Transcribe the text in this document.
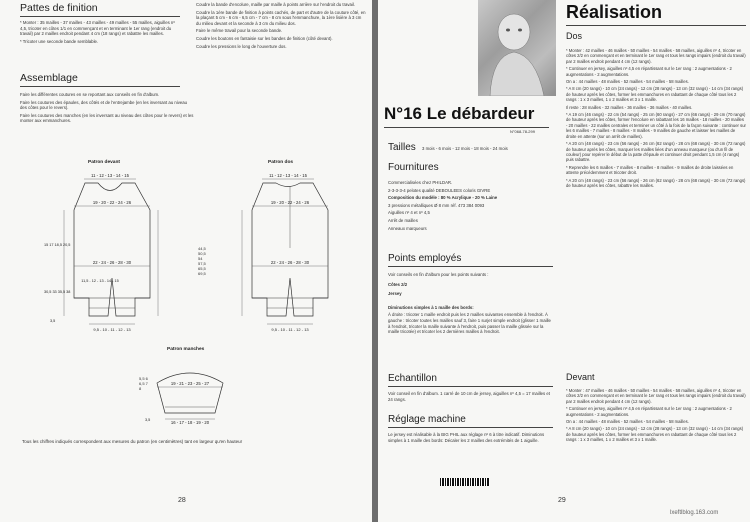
Pattes de finition

* Monter : 35 mailles - 37 mailles - 43 mailles - 49 mailles - 55 mailles, aiguilles nº 4,5, tricoter en côtes 1/1 en commençant et en terminant le 1er rang (endroit du travail) par 2 mailles endroit pendant 4 cm (18 rangs) et rabattre les mailles.

* Tricoter une seconde bande semblable.

Coudre la bande d'encolure, maille par maille à points arrière sur l'endroit du travail.

Coudre la 1ère bande de finition à points cachés, de part et d'autre de la couture côté, en la plaçant 5 cm - 6 cm - 6,5 cm - 7 cm - 8 cm sous l'emmanchure, la 1ère lisière à 3 cm du milieu devant et la seconde à 3 cm du milieu dos.

Faire le même travail pour la seconde bande.

Coudre les boutons en fantaisie sur les bandes de finition (côté devant).

Coudre les pressions le long de l'ouverture dos.

Assemblage

Faire les différentes coutures en se reportant aux conseils en fin d'album.

Faire les coutures des épaules, des côtés et de l'entrejambe (en les inversant au niveau des côtes pour le revers).

Faire les coutures des manches (en les inversant au niveau des côtes pour le revers) et les monter aux emmanchures.

Patron devant
11 - 12 - 13 - 14 - 15
19 - 20 - 22 - 24 - 26
22 - 24 - 26 - 28 - 30
11,5 - 12 - 13 - 14 - 15
9,5 - 10 - 11 - 12 - 13
15 17 18,5 20,5
30,5 33 35,5 38
3,5
Patron dos
11 - 12 - 13 - 14 - 15
19 - 20 - 22 - 24 - 26
22 - 24 - 26 - 28 - 30
9,5 - 10 - 11 - 12 - 13
44,5 50,5 54 57,5 65,5 69,5
Patron manches
19 - 21 - 23 - 25 - 27
16 - 17 - 18 - 19 - 20
3,5
5,5 6 6,5 7 8
Tous les chiffres indiqués correspondent aux mesures du patron (en centimètres) tant en largeur qu'en hauteur
28
N°16 Le débardeur
N°068-78-299
Tailles 3 mois - 6 mois - 12 mois - 18 mois - 24 mois
Fournitures

Commercialisées chez PHILDAR.

2-3-3-3-4 pelotes qualité DEBOULEES coloris GIVRE

Composition du modèle : 80 % Acrylique - 20 % Laine

3 pressions métalliques Ø 8 mm réf. 473 384 0093

Aiguilles nº 4 et nº 4,5

Arrêt de mailles

Anneaux marqueurs

Points employés

Voir conseils en fin d'album pour les points suivants :

Côtes 2/2

Jersey

Diminutions simples à 1 maille des bords:

À droite : tricoter 1 maille endroit puis les 2 mailles suivantes ensemble à l'endroit. À gauche : tricoter toutes les mailles sauf 3, faire 1 surjet simple endroit (glisser 1 maille à l'endroit, tricoter la maille suivante à l'endroit, puis passer la maille glissée sur la maille tricotée) et tricoter les 2 dernières mailles à l'endroit.

Echantillon
Voir conseil en fin d'album. 1 carré de 10 cm de jersey, aiguilles nº 4,5 = 17 mailles et 24 rangs.
Réglage machine
Le jersey est réalisable à la BIG PHIL aux réglage nº 6 à titre indicatif. Diminutions simples à 1 maille des bords: Décaler les 2 mailles des extrémités de 1 aiguille.
29
Réalisation
Dos

* Monter : 42 mailles - 46 mailles - 50 mailles - 54 mailles - 58 mailles, aiguilles nº 4, tricoter en côtes 2/2 en commençant et en terminant le 1er rang et tous les rangs impairs (endroit du travail) par 2 mailles endroit pendant 4 cm (12 rangs).

* Continuer en jersey, aiguilles nº 4,5 en répartissant sur le 1er rang : 2 augmentations - 2 augmentations - 2 augmentations.

On a : 44 mailles - 48 mailles - 52 mailles - 54 mailles - 58 mailles.

* A 8 cm (20 rangs) - 10 cm (24 rangs) - 12 cm (28 rangs) - 13 cm (32 rangs) - 14 cm (34 rangs) de hauteur après les côtes, former les emmanchures en rabattant de chaque côté tous les 2 rangs : 1 x 3 mailles, 1 x 2 mailles et 3 x 1 maille.

Il reste : 28 mailles - 32 mailles - 36 mailles - 36 mailles - 40 mailles.

* A 19 cm (46 rangs) - 22 cm (54 rangs) - 25 cm (60 rangs) - 27 cm (66 rangs) - 29 cm (70 rangs) de hauteur après les côtes, former l'encolure en rabattant les 16 mailles - 18 mailles - 20 mailles - 20 mailles - 22 mailles centrales et terminer un côté à la fois de la façon suivante : continuer sur les 6 mailles - 7 mailles - 8 mailles - 8 mailles - 9 mailles de gauche et laisser les mailles de droite en attente (sur un arrêt de mailles).

* A 20 cm (48 rangs) - 23 cm (56 rangs) - 26 cm (62 rangs) - 28 cm (68 rangs) - 30 cm (72 rangs) de hauteur après les côtes, marquer les mailles liées d'un anneau marqueur (ou d'un fil de couleur) pour repérer le début de la patte d'épaule et continuer droit pendant 1,5 cm (4 rangs) puis rabattre.

* Reprendre les 6 mailles - 7 mailles - 8 mailles - 8 mailles - 9 mailles de droite laissées en attente précédemment et tricoter droit.

* A 20 cm (48 rangs) - 23 cm (56 rangs) - 26 cm (62 rangs) - 28 cm (68 rangs) - 30 cm (72 rangs) de hauteur après les côtes, rabattre les mailles.

Devant

* Monter : 47 mailles - 46 mailles - 50 mailles - 54 mailles - 58 mailles, aiguilles nº 4, tricoter en côtes 2/2 en commençant et en terminant le 1er rang et tous les rangs impairs (endroit du travail) par 2 mailles endroit pendant 4 cm (12 rangs).

* Continuer en jersey, aiguilles nº 4,5 en répartissant sur le 1er rang : 2 augmentations - 2 augmentations - 2 augmentations.

On a : 44 mailles - 48 mailles - 52 mailles - 54 mailles - 58 mailles.

* A 8 cm (20 rangs) - 10 cm (24 rangs) - 12 cm (28 rangs) - 13 cm (32 rangs) - 14 cm (34 rangs) de hauteur après les côtes, former les emmanchures en rabattant de chaque côté tous les 2 rangs : 1 x 3 mailles, 1 x 2 mailles et 3 x 1 maille.

lxeftlblog.163.com
